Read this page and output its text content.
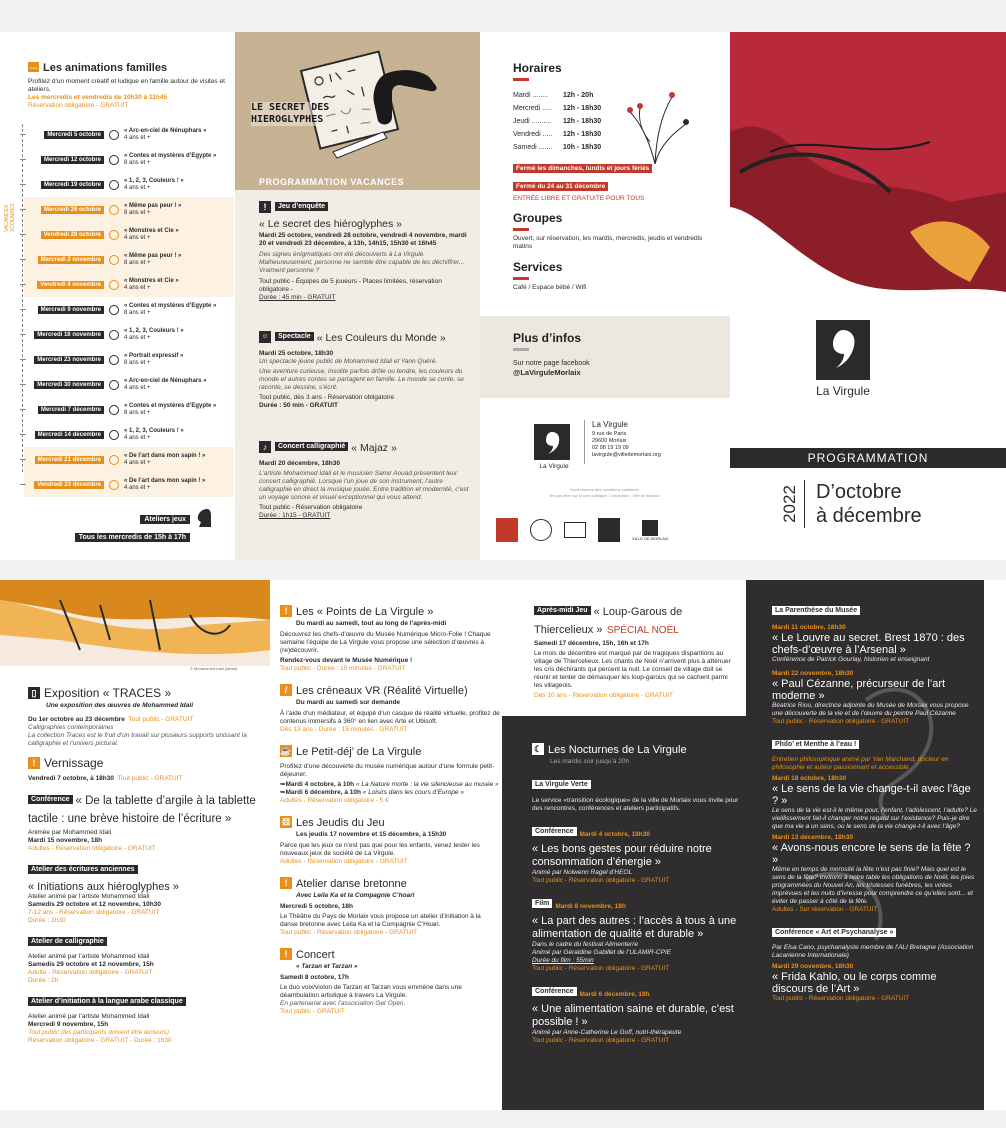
… Les animations familles
Profitez d’un moment créatif et ludique en famille autour de visites et ateliers.
Les mercredis et vendredis de 10h30 à 11h45
Réservation obligatoire - GRATUIT
VACANCES SCOLAIRES
Mercredi 5 octobre
« Arc-en-ciel de Nénuphars »
4 ans et +
Mercredi 12 octobre
« Contes et mystères d’Egypte »
8 ans et +
Mercredi 19 octobre
« 1, 2, 3, Couleurs ! »
4 ans et +
Mercredi 26 octobre
« Même pas peur ! »
8 ans et +
Vendredi 28 octobre
« Monstres et Cie »
4 ans et +
Mercredi 2 novembre
« Même pas peur ! »
8 ans et +
Vendredi 4 novembre
« Monstres et Cie »
4 ans et +
Mercredi 9 novembre
« Contes et mystères d’Egypte »
8 ans et +
Mercredi 16 novembre
« 1, 2, 3, Couleurs ! »
4 ans et +
Mercredi 23 novembre
« Portrait expressif »
8 ans et +
Mercredi 30 novembre
« Arc-en-ciel de Nénuphars »
4 ans et +
Mercredi 7 décembre
« Contes et mystères d’Egypte »
8 ans et +
Mercredi 14 décembre
« 1, 2, 3, Couleurs ! »
4 ans et +
Mercredi 21 décembre
« De l’art dans mon sapin ! »
4 ans et +
Vendredi 23 décembre
« De l’art dans mon sapin ! »
4 ans et +
Ateliers jeux
Tous les mercredis de 15h à 17h
LE SECRET DES HIEROGLYPHES
PROGRAMMATION VACANCES
! Jeu d’enquête
« Le secret des hiéroglyphes »
Mardi 25 octobre, vendredi 28 octobre, vendredi 4 novembre, mardi 20 et vendredi 23 décembre, à 13h, 14h15, 15h30 et 16h45
Des signes énigmatiques ont été découverts à La Virgule. Malheureusement, personne ne semble être capable de les déchiffrer... Vraiment personne ?
Tout public - Équipes de 5 joueurs - Places limitées, réservation obligatoire -
Durée : 45 min - GRATUIT
☺ Spectacle « Les Couleurs du Monde »
Mardi 25 octobre, 18h30
Un spectacle jeune public de Mohammed Idali et Yann Quéré.
Une aventure curieuse, insolite parfois drôle ou tendre, les couleurs du monde et autres contes se partagent en famille. Le monde se conte, se raconte, se dessine, s’écrit.
Tout public, dès 3 ans - Réservation obligatoire
Durée : 50 min - GRATUIT
♪ Concert calligraphié « Majaz »
Mardi 20 décembre, 18h30
L’artiste Mohammed Idali et le musicien Samir Aouad présentent leur concert calligraphié. Lorsque l’un joue de son instrument, l’autre calligraphie en direct la musique jouée. Entre tradition et modernité, c’est un voyage sonore et visuel exceptionnel qui vous attend.
Tout public - Réservation obligatoire
Durée : 1h15 - GRATUIT
Horaires
Mardi ........	12h - 20h
Mercredi .....	12h - 18h30
Jeudi ..........	12h - 18h30
Vendredi .....	12h - 18h30
Samedi .......	10h - 18h30
Fermé les dimanches, lundis et jours fériés
Fermé du 24 au 31 décembre
ENTRÉE LIBRE ET GRATUITE POUR TOUS
Groupes
Ouvert, sur réservation, les mardis, mercredis, jeudis et vendredis matins
Services
Café / Espace bébé / Wifi
Plus d’infos
Sur notre page facebook
@LaVirguleMorlaix
La Virgule
La Virgule
9 rue de Paris
29600 Morlaix
02 98 19 19 09
lavirgule@villedemorlaix.org
Sous réserve des conditions sanitaires.
Ne pas jeter sur la voie publique. Conception : Ville de Morlaix.
VILLE DE MORLAIX
La Virgule
PROGRAMMATION
2022 D’octobre
à décembre
© Mohammed Idali (détail)
▯ Exposition « TRACES »
Une exposition des œuvres de Mohammed Idali
Du 1er octobre au 23 décembre Tout public - GRATUIT
Calligraphies contemporaines
La collection Traces est le fruit d’un travail sur plusieurs supports unissant la calligraphie et l’univers pictural.
! Vernissage
Vendredi 7 octobre, à 18h30 Tout public - GRATUIT
Conférence « De la tablette d’argile à la tablette tactile : une brève histoire de l’écriture »
Animée par Mohammed Idali
Mardi 15 novembre, 18h
Adultes - Réservation obligatoire - GRATUIT
Atelier des écritures anciennes
« Initiations aux hiéroglyphes »
Atelier animé par l’artiste Mohammed Idali
Samedis 29 octobre et 12 novembre, 10h30
7-12 ans - Réservation obligatoire - GRATUIT
Durée : 1h30
Atelier de calligraphie
Atelier animé par l’artiste Mohammed Idali
Samedis 29 octobre et 12 novembre, 15h
Adulte - Réservation obligatoire - GRATUIT
Durée : 2h
Atelier d’initiation à la langue arabe classique
Atelier animé par l’artiste Mohammed Idali
Mercredi 9 novembre, 15h
Tout public (les participants doivent être lecteurs)
Réservation obligatoire - GRATUIT - Durée : 1h30
! Les « Points de La Virgule »
Du mardi au samedi, tout au long de l’après-midi
Découvrez les chefs-d’œuvre du Musée Numérique Micro-Folie ! Chaque semaine l’équipe de La Virgule vous propose une sélection d’œuvres à (re)découvrir.
Rendez-vous devant le Musée Numérique !
Tout public - Durée : 15 minutes - GRATUIT
/ Les créneaux VR (Réalité Virtuelle)
Du mardi au samedi sur demande
À l’aide d’un médiateur, et équipé d’un casque de réalité virtuelle, profitez de contenus immersifs à 360° en lien avec Arte et Ubisoft.
Dès 13 ans - Durée : 15 minutes - GRATUIT
☕ Le Petit-déj’ de La Virgule
Profitez d’une découverte du musée numérique autour d’une formule petit-déjeuner.
➥Mardi 4 octobre, à 10h « La Nature morte : la vie silencieuse au musée »
➥Mardi 6 décembre, à 10h « Loisirs dans les cours d’Europe »
Adultes - Réservation obligatoire - 5 €
⚄ Les Jeudis du Jeu
Les jeudis 17 novembre et 15 décembre, à 15h30
Parce que les jeux ce n’est pas que pour les enfants, venez tester les nouveaux jeux de société de La Virgule.
Adultes - Réservation obligatoire - GRATUIT
! Atelier danse bretonne
Avec Leila Ka et la Compagnie C’hoari
Mercredi 5 octobre, 18h
Le Théâtre du Pays de Morlaix vous propose un atelier d’initiation à la danse bretonne avec Leila Ka et la Compagnie C’Hoari.
Tout public - Réservation obligatoire - GRATUIT
! Concert
« Tarzan et Tarzan »
Samedi 8 octobre, 17h
Le duo voix/violon de Tarzan et Tarzan vous emmène dans une déambulation artistique à travers La Virgule.
En partenariat avec l’association Get Open.
Tout public - GRATUIT
Après-midi Jeu « Loup-Garous de Thiercelieux » SPÉCIAL NOËL
Samedi 17 décembre, 15h, 16h et 17h
Le mois de décembre est marqué par de tragiques disparitions au village de Thiercelieux. Les chants de Noël n’arrivent plus à atténuer les cris déchirants qui percent la nuit. Le conseil de village doit se réunir et tenter de démasquer les loup-garous qui se cachent parmi les villageois.
Dès 10 ans - Réservation obligatoire - GRATUIT
☾ Les Nocturnes de La Virgule
Les mardis soir jusqu’à 20h
La Virgule Verte
Le service «transition écologique» de la ville de Morlaix vous invite pour des rencontres, conférences et ateliers participatifs.
Conférence Mardi 4 octobre, 18h30
« Les bons gestes pour réduire notre consommation d’énergie »
Animé par Nolwenn Ragel d’HEOL
Tout public - Réservation obligatoire - GRATUIT
Film Mardi 8 novembre, 18h
« La part des autres : l’accès à tous à une alimentation de qualité et durable »
Dans le cadre du festival Alimenterre
Animé par Géraldine Gabillet de l’ULAMIR-CPIE
Durée du film : 55min
Tout public - Réservation obligatoire - GRATUIT
Conférence Mardi 6 décembre, 18h
« Une alimentation saine et durable, c’est possible ! »
Animé par Anne-Catherine Le Goff, nutri-thérapeute
Tout public - Réservation obligatoire - GRATUIT
La Parenthèse du Musée
Mardi 11 octobre, 18h30
« Le Louvre au secret. Brest 1870 : des chefs-d’œuvre à l’Arsenal »
Conférence de Patrick Gourlay, historien et enseignant
Mardi 22 novembre, 18h30
« Paul Cézanne, précurseur de l’art moderne »
Béatrice Riou, directrice adjointe du Musée de Morlaix vous propose une découverte de la vie et de l’œuvre du peintre Paul Cézanne
Tout public - Réservation obligatoire - GRATUIT
Philo’ et Menthe à l’eau !
Entretien philosophique animé par Yan Marchand, docteur en philosophie et auteur passionnant et accessible
Mardi 18 octobre, 18h30
« Le sens de la vie change-t-il avec l’âge ? »
Le sens de la vie est-il le même pour, l’enfant, l’adolescent, l’adulte? Le vieillissement fait-il changer notre regard sur l’existence? Puis-je dire que ma vie a un sens, ou le sens de la vie change-t-il avec l’âge?
Mardi 13 décembre, 18h30
« Avons-nous encore le sens de la fête ? »
Même en temps de morosité la fête n’est pas finie? Mais quel est le sens de la fête? Invitons à notre table les obligations de Noël, les joies programmées du Nouvel An, les tristesses funèbres, les virées imprévues et les nuits d’ivresse pour comprendre ce qu’elles sont... et éviter de passer à côté de la fête.
Adultes - Sur réservation - GRATUIT
Conférence « Art et Psychanalyse »
Par Elsa Cano, psychanalyste membre de l’ALI Bretagne (Association Lacanienne Internationale)
Mardi 29 novembre, 18h30
« Frida Kahlo, ou le corps comme discours de l’Art »
Tout public - Réservation obligatoire - GRATUIT
